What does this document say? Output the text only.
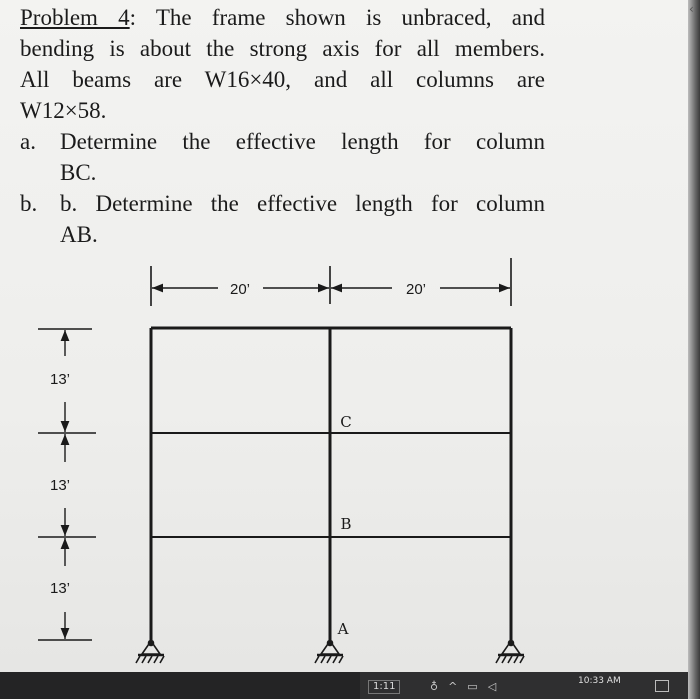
Problem 4: The frame shown is unbraced, and

bending is about the strong axis for all members.

All beams are W16×40, and all columns are

W12×58.

a.	Determine the effective length for column

BC.

b. b. Determine the effective length for column

AB.

20’	20’
13’
13’
13’
C
B
A
‹
1:11	♁^▭◁	10:33 AM
